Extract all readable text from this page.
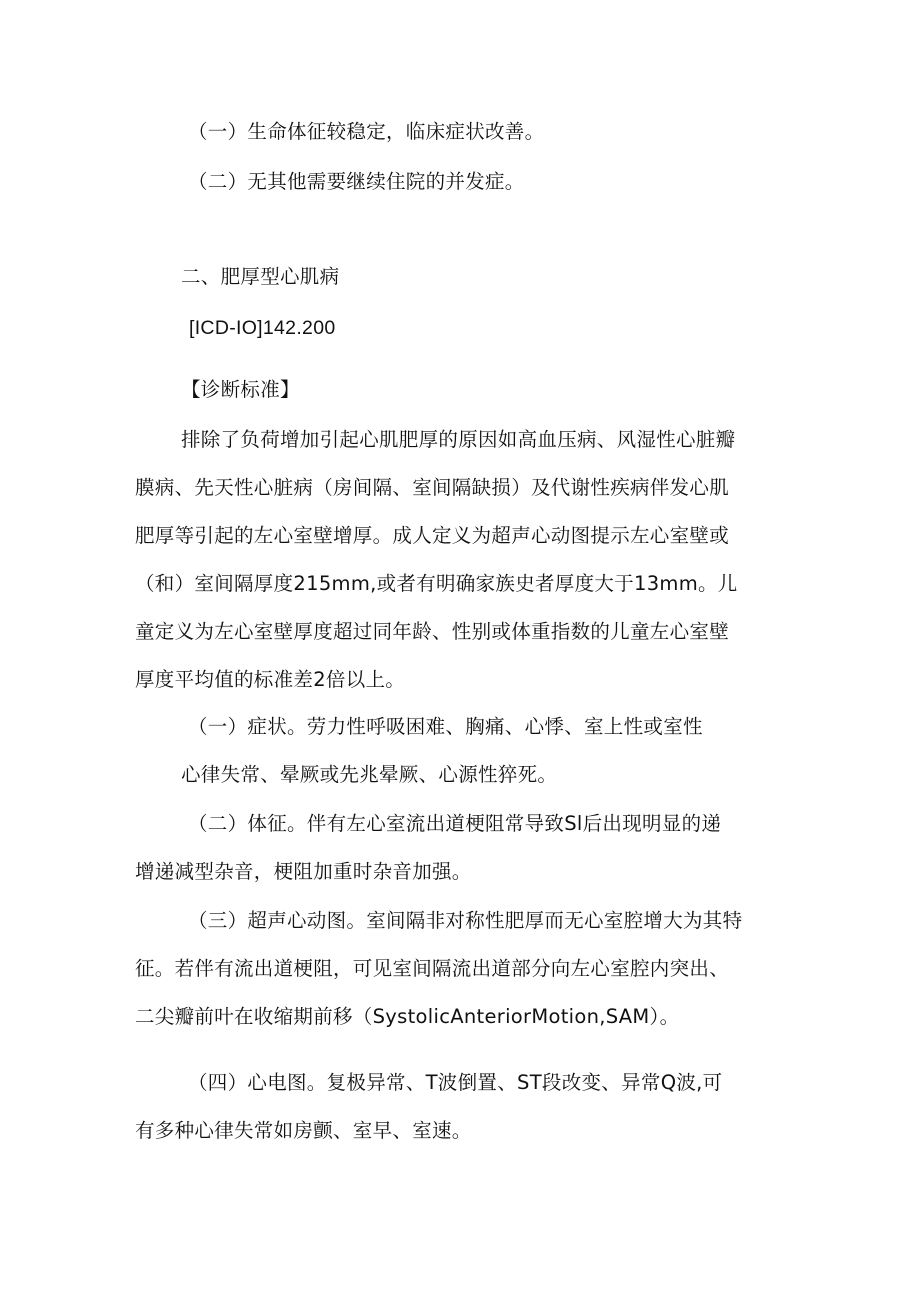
（一）生命体征较稳定，临床症状改善。

（二）无其他需要继续住院的并发症。

二、肥厚型心肌病

[ICD-IO]142.200

【诊断标准】

排除了负荷增加引起心肌肥厚的原因如高血压病、风湿性心脏瓣

膜病、先天性心脏病（房间隔、室间隔缺损）及代谢性疾病伴发心肌

肥厚等引起的左心室壁增厚。成人定义为超声心动图提示左心室壁或

（和）室间隔厚度215mm,或者有明确家族史者厚度大于13mm。儿

童定义为左心室壁厚度超过同年龄、性别或体重指数的儿童左心室壁

厚度平均值的标准差2倍以上。

（一）症状。劳力性呼吸困难、胸痛、心悸、室上性或室性

心律失常、晕厥或先兆晕厥、心源性猝死。

（二）体征。伴有左心室流出道梗阻常导致Sl后出现明显的递

增递减型杂音，梗阻加重时杂音加强。

（三）超声心动图。室间隔非对称性肥厚而无心室腔增大为其特

征。若伴有流出道梗阻，可见室间隔流出道部分向左心室腔内突出、

二尖瓣前叶在收缩期前移（SystolicAnteriorMotion,SAM）。

（四）心电图。复极异常、T波倒置、ST段改变、异常Q波,可

有多种心律失常如房颤、室早、室速。
